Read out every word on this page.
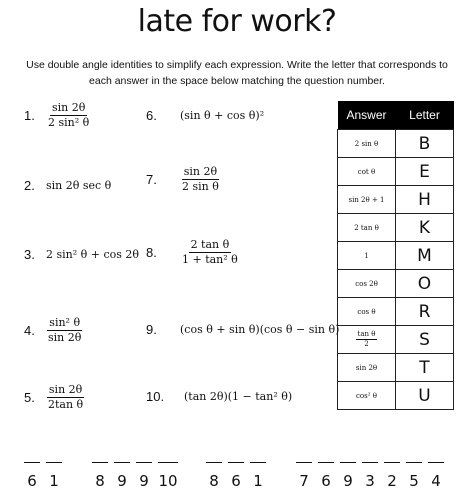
late for work?
Use double angle identities to simplify each expression. Write the letter that corresponds to each answer in the space below matching the question number.
1.	$\frac{\sin 2\theta}{\text{2 sin² θ}}$
2.	sin 2θ sec θ
3.	2 sin² θ + cos 2θ
4.	$\frac{\text{sin² θ}}{\sin 2\theta}$
5.	$\frac{\sin 2\theta}{\text{2tan θ}}$
6.	(sin θ + cos θ)²
7.	$\frac{\sin 2\theta}{\text{2 sin θ}}$
8.	$\frac{\text{2 tan θ}}{\text{1 + tan² θ}}$
9.	(cos θ + sin θ)(cos θ − sin θ)
10.	(tan 2θ)(1 − tan² θ)
Answer	Letter
2 sin θ	B
cot θ	E
sin 2θ + 1	H
2 tan θ	K
1	M
cos 2θ	O
cos θ	R

$\frac{\text{tan θ}}{2}$	S
sin 2θ	T
cos² θ	U
6 1 8 9 9 10 8 6 1 7 6 9 3 2 5 4
